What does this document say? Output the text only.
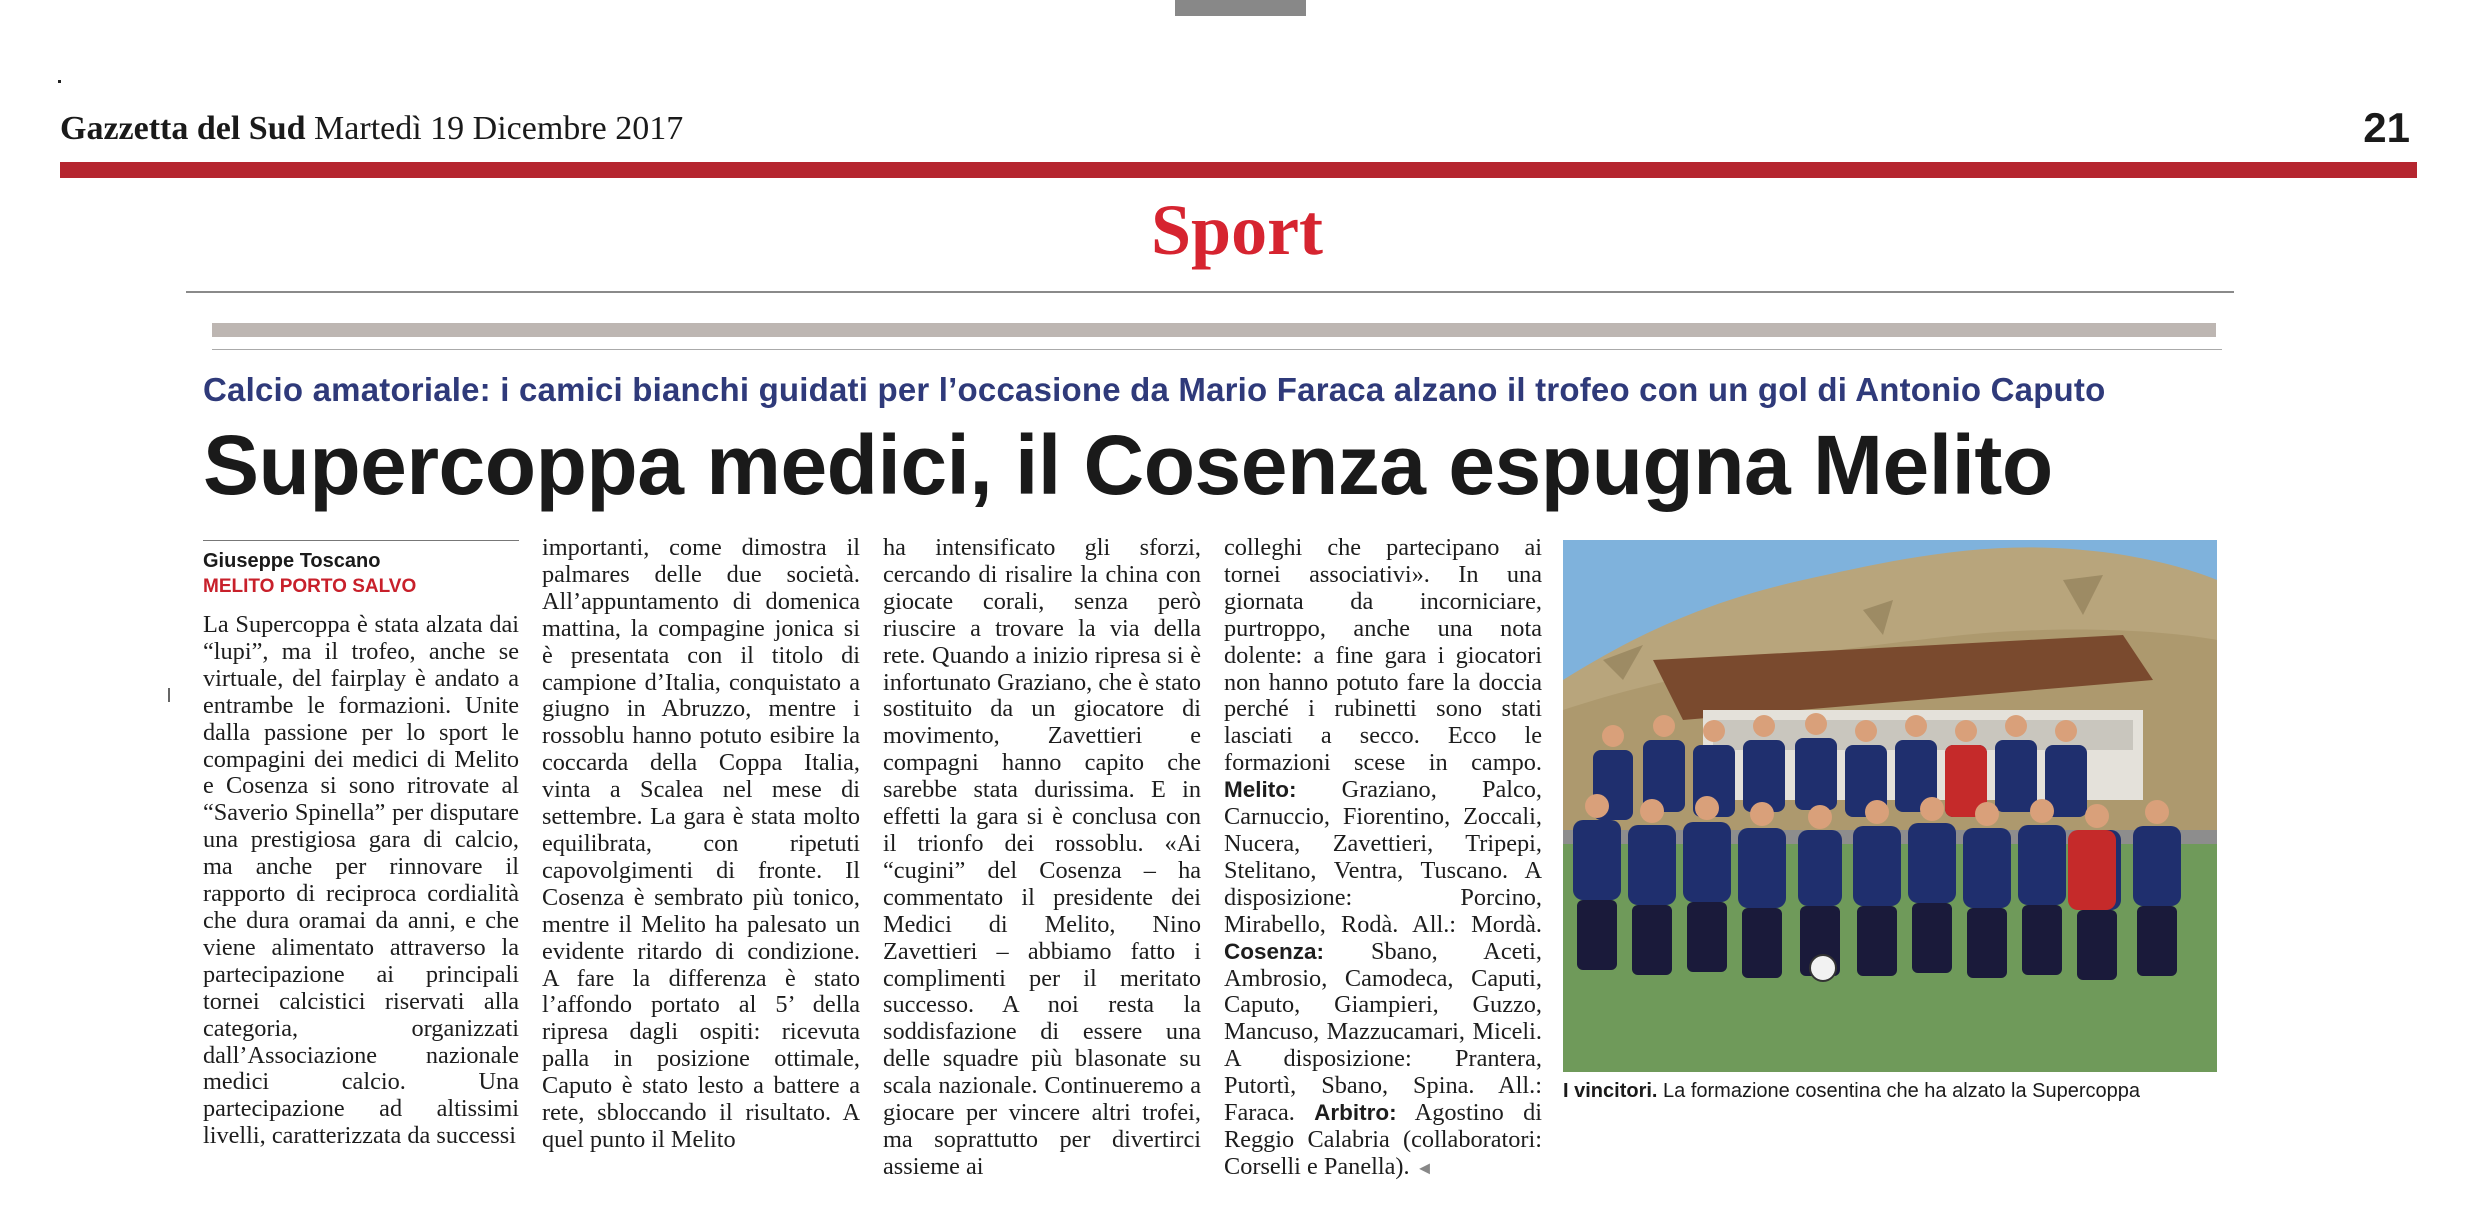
Gazzetta del Sud Martedì 19 Dicembre 2017	21
Sport
Calcio amatoriale: i camici bianchi guidati per l’occasione da Mario Faraca alzano il trofeo con un gol di Antonio Caputo
Supercoppa medici, il Cosenza espugna Melito
Giuseppe Toscano
MELITO PORTO SALVO

La Supercoppa è stata alzata dai “lupi”, ma il trofeo, anche se virtuale, del fairplay è andato a entrambe le formazioni. Unite dalla passione per lo sport le compagini dei medici di Melito e Cosenza si sono ritrovate al “Saverio Spinella” per disputare una prestigiosa gara di calcio, ma anche per rinnovare il rapporto di reciproca cordialità che dura oramai da anni, e che viene alimentato attraverso la partecipazione ai principali tornei calcistici riservati alla categoria, organizzati dall’Associazione nazionale medici calcio. Una partecipazione ad altissimi livelli, caratterizzata da successi

importanti, come dimostra il palmares delle due società. All’appuntamento di domenica mattina, la compagine jonica si è presentata con il titolo di campione d’Italia, conquistato a giugno in Abruzzo, mentre i rossoblu hanno potuto esibire la coccarda della Coppa Italia, vinta a Scalea nel mese di settembre. La gara è stata molto equilibrata, con ripetuti capovolgimenti di fronte. Il Cosenza è sembrato più tonico, mentre il Melito ha palesato un evidente ritardo di condizione. A fare la differenza è stato l’affondo portato al 5’ della ripresa dagli ospiti: ricevuta palla in posizione ottimale, Caputo è stato lesto a battere a rete, sbloccando il risultato. A quel punto il Melito

ha intensificato gli sforzi, cercando di risalire la china con giocate corali, senza però riuscire a trovare la via della rete. Quando a inizio ripresa si è infortunato Graziano, che è stato sostituito da un giocatore di movimento, Zavettieri e compagni hanno capito che sarebbe stata durissima. E in effetti la gara si è conclusa con il trionfo dei rossoblu. «Ai “cugini” del Cosenza – ha commentato il presidente dei Medici di Melito, Nino Zavettieri – abbiamo fatto i complimenti per il meritato successo. A noi resta la soddisfazione di essere una delle squadre più blasonate su scala nazionale. Continueremo a giocare per vincere altri trofei, ma soprattutto per divertirci assieme ai

colleghi che partecipano ai tornei associativi». In una giornata da incorniciare, purtroppo, anche una nota dolente: a fine gara i giocatori non hanno potuto fare la doccia perché i rubinetti sono stati lasciati a secco. Ecco le formazioni scese in campo. Melito: Graziano, Palco, Carnuccio, Fiorentino, Zoccali, Nucera, Zavettieri, Tripepi, Stelitano, Ventra, Tuscano. A disposizione: Porcino, Mirabello, Rodà. All.: Mordà. Cosenza: Sbano, Aceti, Ambrosio, Camodeca, Caputi, Caputo, Giampieri, Guzzo, Mancuso, Mazzucamari, Miceli. A disposizione: Prantera, Putortì, Sbano, Spina. All.: Faraca. Arbitro: Agostino di Reggio Calabria (collaboratori: Corselli e Panella). ◄

I vincitori. La formazione cosentina che ha alzato la Supercoppa
